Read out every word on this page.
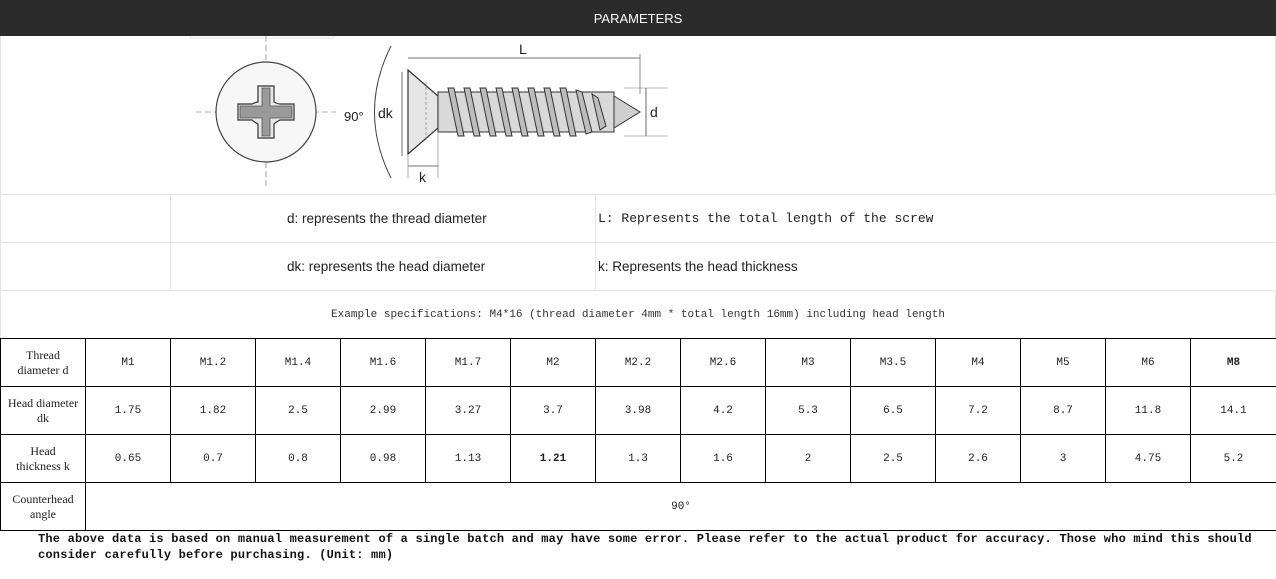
PARAMETERS
90° dk
L
d
k
	d: represents the thread diameter	L: Represents the total length of the screw
	dk: represents the head diameter	k: Represents the head thickness
Example specifications: M4*16 (thread diameter 4mm * total length 16mm) including head length
Thread
diameter d	M1	M1.2	M1.4	M1.6	M1.7	M2	M2.2	M2.6	M3	M3.5	M4	M5	M6	M8
Head diameter
dk	1.75	1.82	2.5	2.99	3.27	3.7	3.98	4.2	5.3	6.5	7.2	8.7	11.8	14.1
Head
thickness k	0.65	0.7	0.8	0.98	1.13	1.21	1.3	1.6	2	2.5	2.6	3	4.75	5.2
Counterhead
angle	90°													
The above data is based on manual measurement of a single batch and may have some error. Please refer to the actual product for accuracy. Those who mind this should consider carefully before purchasing. (Unit: mm)
